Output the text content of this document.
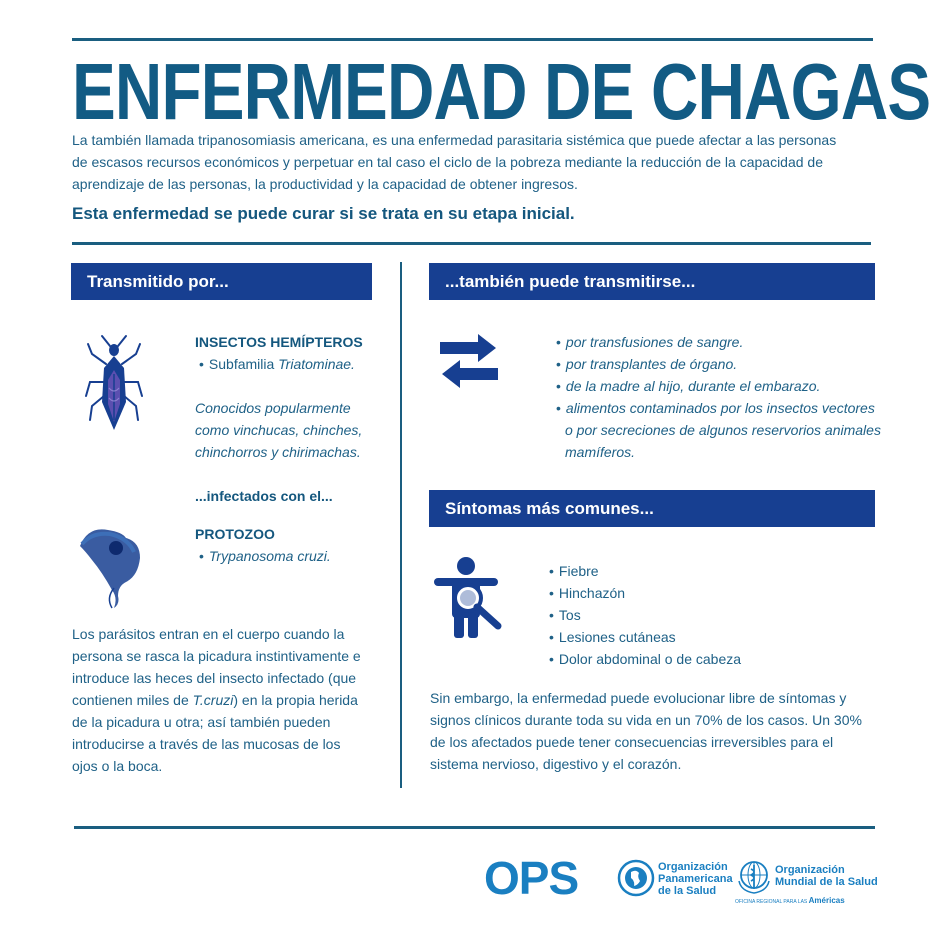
ENFERMEDAD DE CHAGAS
La también llamada tripanosomiasis americana, es una enfermedad parasitaria sistémica que puede afectar a las personas
de escasos recursos económicos y perpetuar en tal caso el ciclo de la pobreza mediante la reducción de la capacidad de
aprendizaje de las personas, la productividad y la capacidad de obtener ingresos.
Esta enfermedad se puede curar si se trata en su etapa inicial.
Transmitido por...
INSECTOS HEMÍPTEROS
• Subfamilia Triatominae.
Conocidos popularmente
como vinchucas, chinches,
chinchorros y chirimachas.
...infectados con el...
PROTOZOO
• Trypanosoma cruzi.
Los parásitos entran en el cuerpo cuando la
persona se rasca la picadura instintivamente e
introduce las heces del insecto infectado (que
contienen miles de T.cruzi) en la propia herida
de la picadura u otra; así también pueden
introducirse a través de las mucosas de los
ojos o la boca.
...también puede transmitirse...
• por transfusiones de sangre.
• por transplantes de órgano.
• de la madre al hijo, durante el embarazo.
• alimentos contaminados por los insectos vectores
o por secreciones de algunos reservorios animales
mamíferos.
Síntomas más comunes...
• Fiebre
• Hinchazón
• Tos
• Lesiones cutáneas
• Dolor abdominal o de cabeza
Sin embargo, la enfermedad puede evolucionar libre de síntomas y
signos clínicos durante toda su vida en un 70% de los casos. Un 30%
de los afectados puede tener consecuencias irreversibles para el
sistema nervioso, digestivo y el corazón.
OPS	Organización
Panamericana
de la Salud
Organización
Mundial de la Salud
OFICINA REGIONAL PARA LAS Américas
